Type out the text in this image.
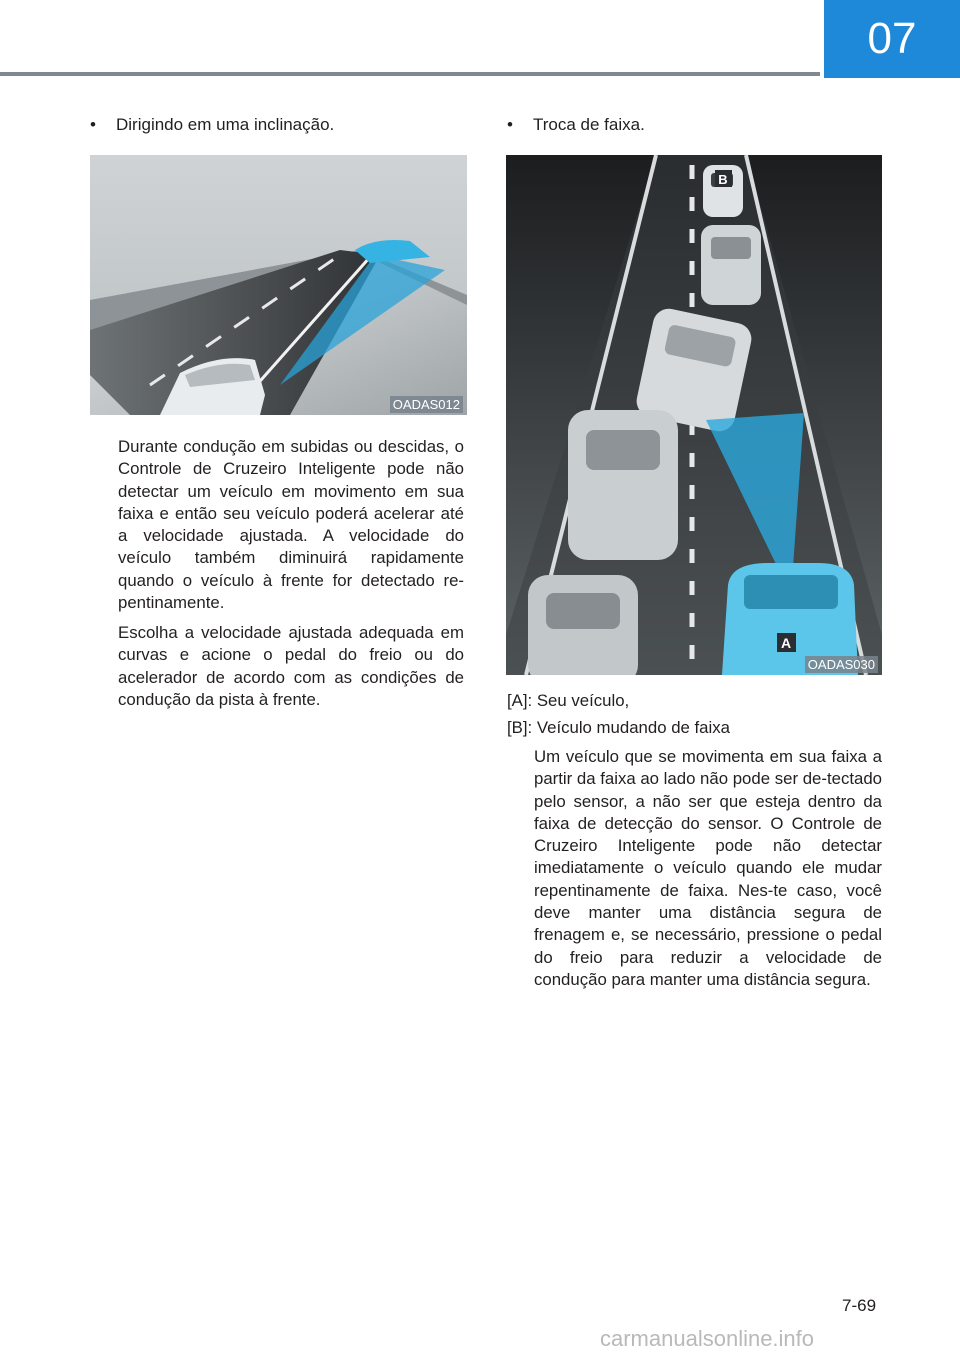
07
• Dirigindo em uma inclinação.
OADAS012

Durante condução em subidas ou descidas, o Controle de Cruzeiro Inteligente pode não detectar um veículo em movimento em sua faixa e então seu veículo poderá acelerar até a velocidade ajustada. A velocidade do veículo também diminuirá rapidamente quando o veículo à frente for detectado re-pentinamente.

Escolha a velocidade ajustada adequada em curvas e acione o pedal do freio ou do acelerador de acordo com as condições de condução da pista à frente.

• Troca de faixa.
B
A
OADAS030
[A]: Seu veículo,
[B]: Veículo mudando de faixa

Um veículo que se movimenta em sua faixa a partir da faixa ao lado não pode ser de-tectado pelo sensor, a não ser que esteja dentro da faixa de detecção do sensor. O Controle de Cruzeiro Inteligente pode não detectar imediatamente o veículo quando ele mudar repentinamente de faixa. Nes-te caso, você deve manter uma distância segura de frenagem e, se necessário, pressione o pedal do freio para reduzir a velocidade de condução para manter uma distância segura.

7-69
carmanualsonline.info
